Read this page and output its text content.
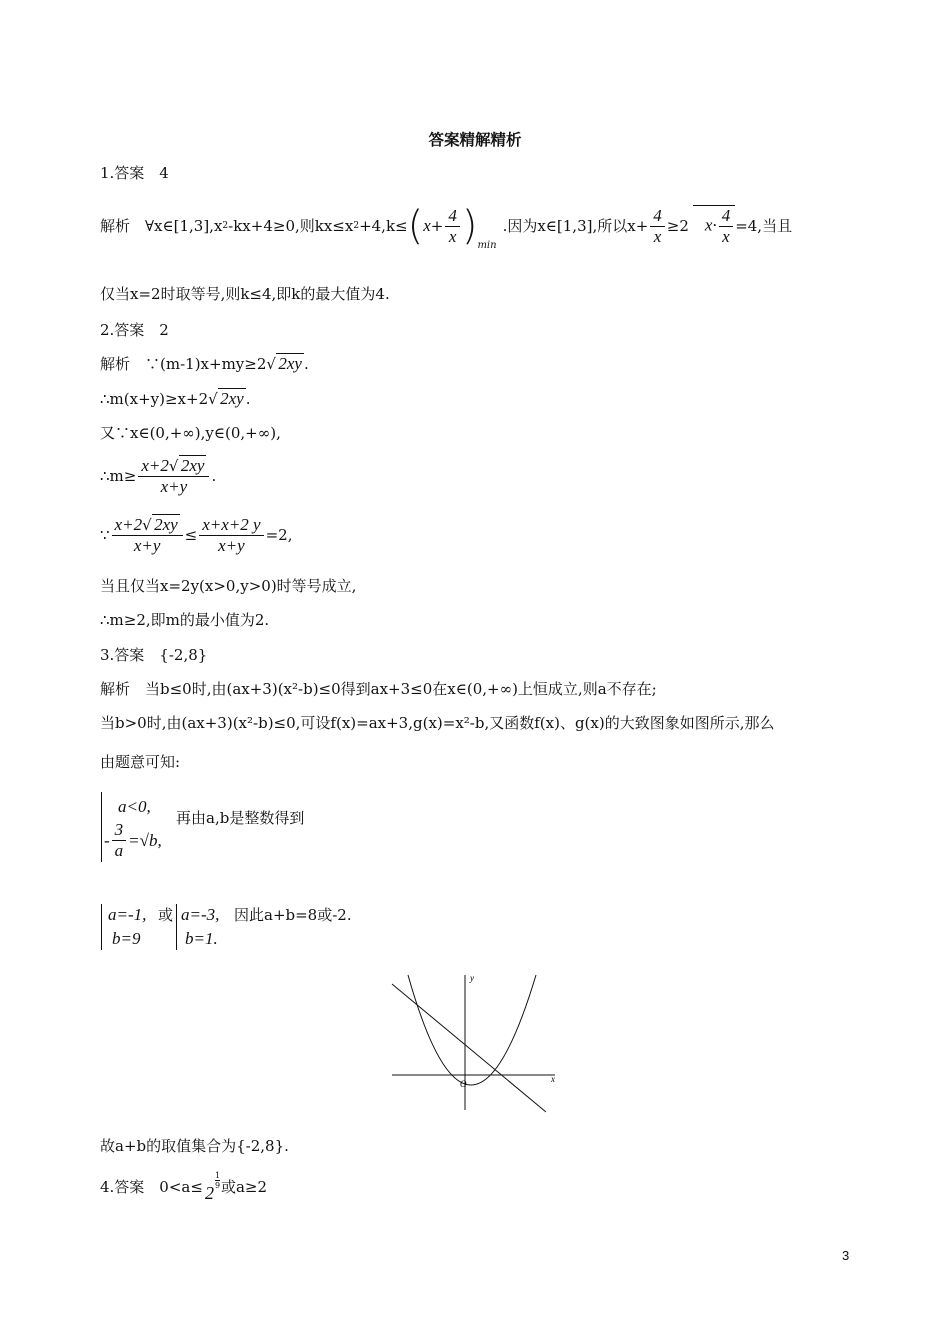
答案精解精析
1.答案　4
解析　∀x∈[1,3],x 2 -kx+4≥0,则kx≤x 2 +4,k≤ ( $x + \frac{4}{x} )_{min}$
.因为x∈[1,3],所以$x+ \frac{4}{x} \ge 2$ $x\cdot \frac{4}{x} =4$,当且
仅当x=2时取等号,则k≤4,即k的最大值为4.
2.答案　2
解析　∵(m-1)x+my≥2 √ 2xy .
∴m(x+y)≥x+2 √ 2xy .
又∵x∈(0,+∞),y∈(0,+∞),
∴m≥ $\frac{x+2 √ 2xy}{x+y}$ .
∵ $\frac{x+2 √ 2xy}{x+y} \le \frac{x+x+2 y}{x+y} =2$,
当且仅当x=2y(x>0,y>0)时等号成立,
∴m≥2,即m的最小值为2.
3.答案　{-2,8}
解析　当b≤0时,由(ax+3)(x²-b)≤0得到ax+3≤0在x∈(0,+∞)上恒成立,则a不存在;
当b>0时,由(ax+3)(x²-b)≤0,可设f(x)=ax+3,g(x)=x²-b,又函数f(x)、g(x)的大致图象如图所示,那么
由题意可知:
a<0,
- $\frac{3}{a} =√b$,
再由a,b是整数得到
a=-1,
b=9
或 a=-3,
b=1.
因此a+b=8或-2.
y
x
O
故a+b的取值集合为{-2,8}.
4.答案　0<a≤ 2
1
9 或a≥2
3
